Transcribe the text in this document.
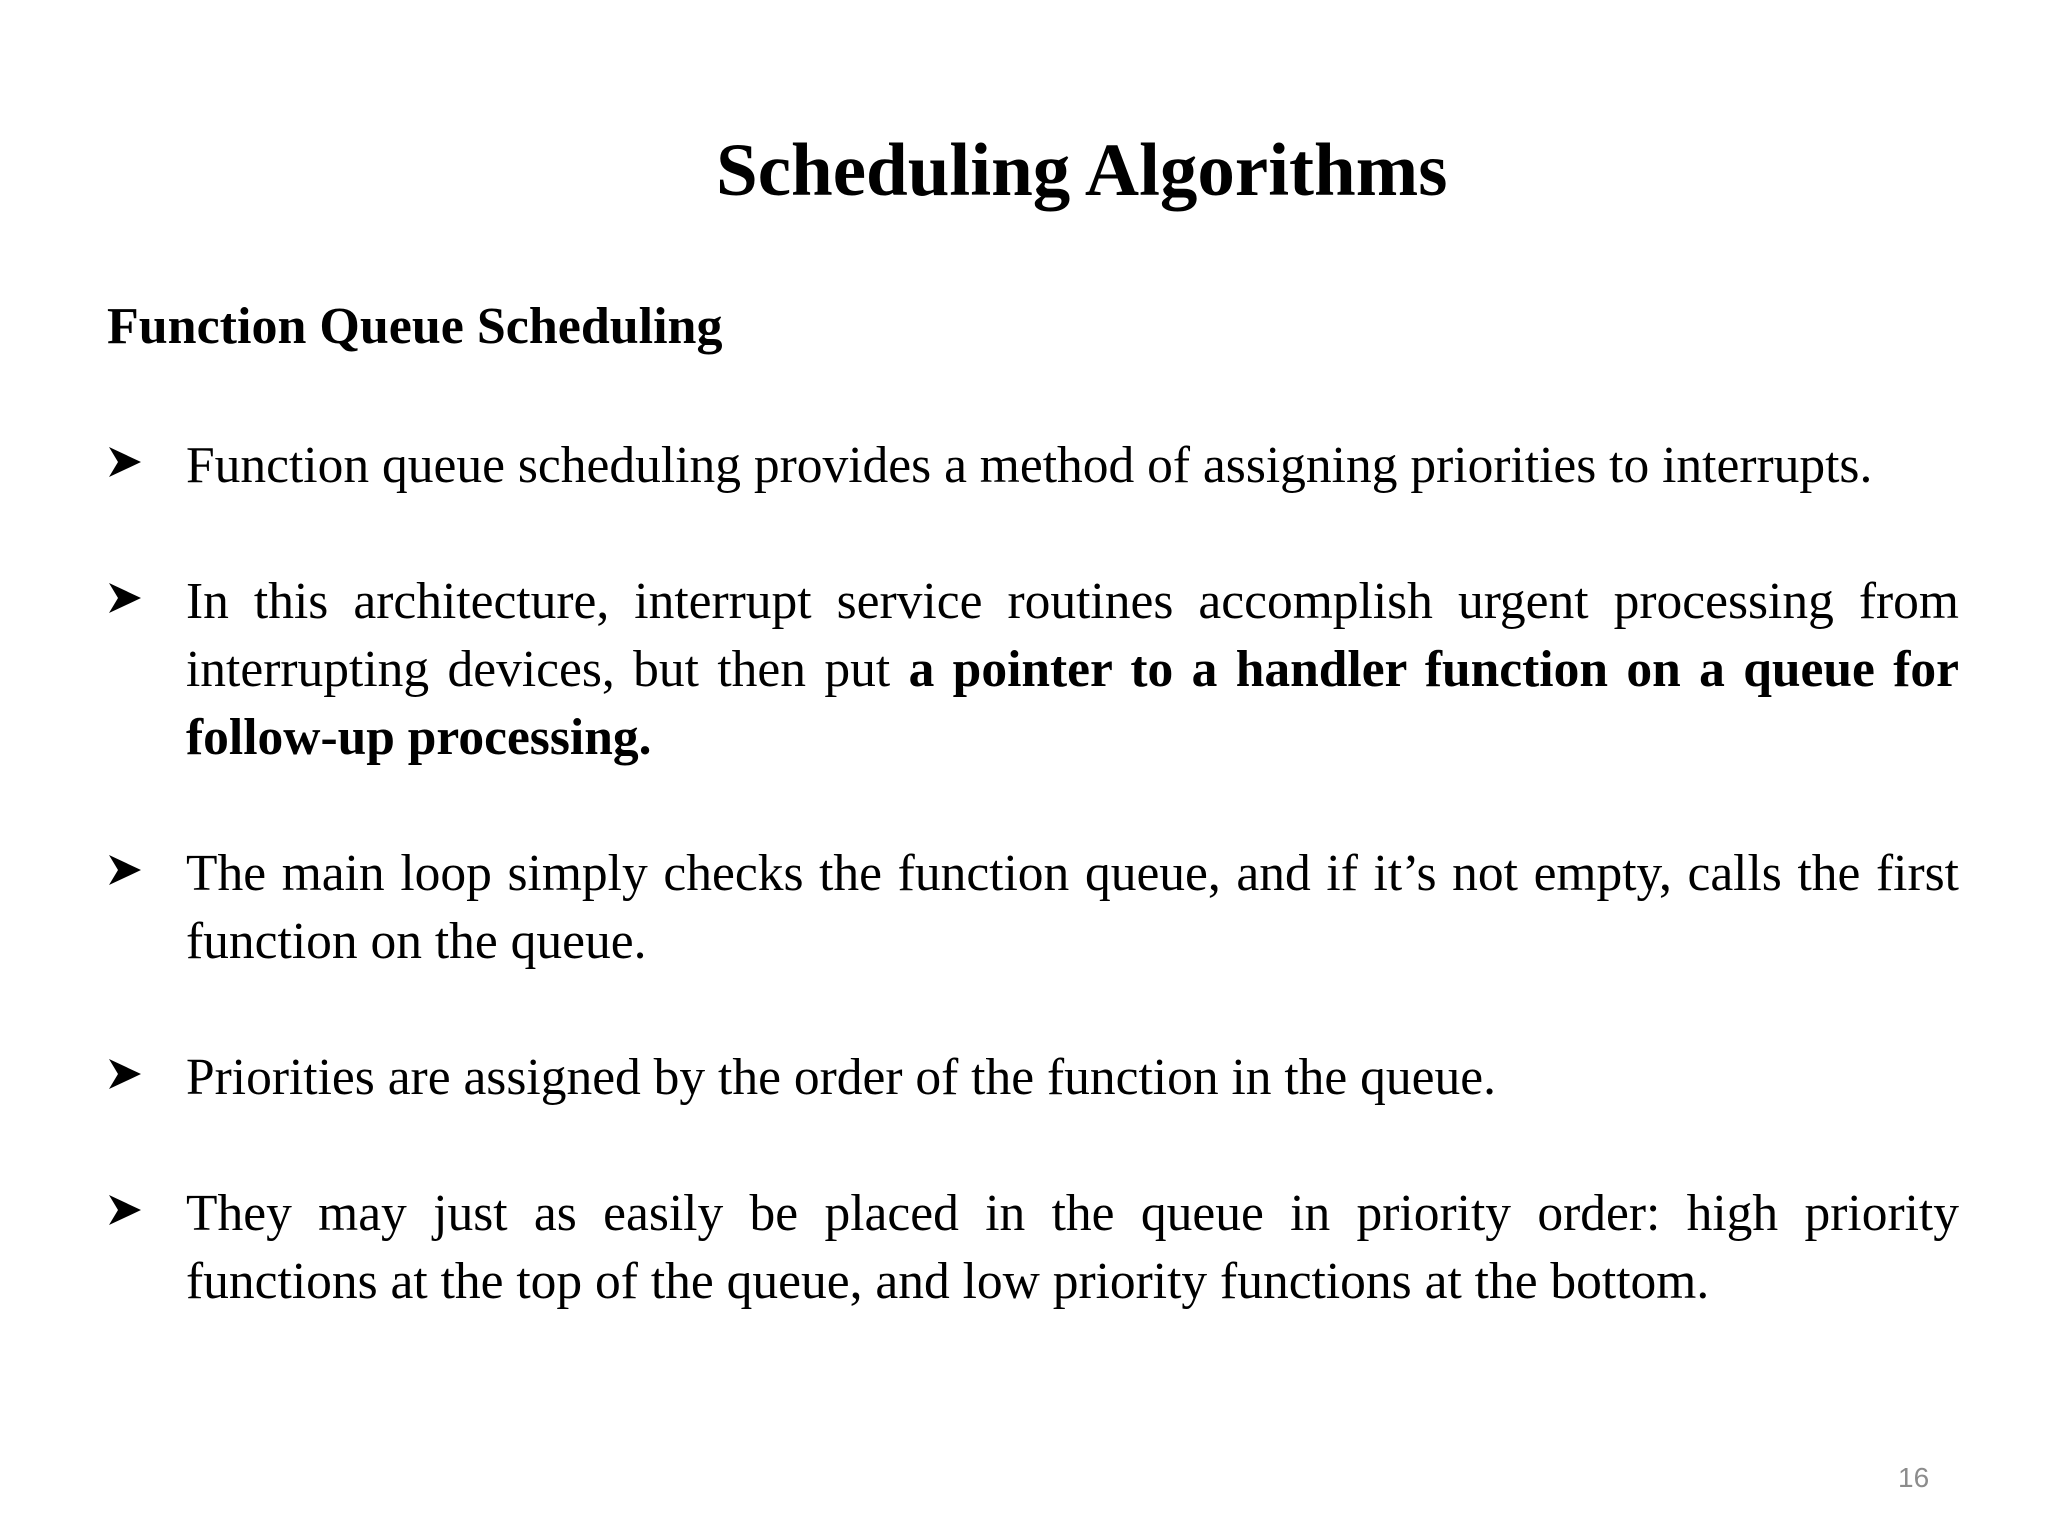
Scheduling Algorithms
Function Queue Scheduling
Function queue scheduling provides a method of assigning priorities to interrupts.
In this architecture, interrupt service routines accomplish urgent processing from interrupting devices, but then put a pointer to a handler function on a queue for follow-up processing.
The main loop simply checks the function queue, and if it’s not empty, calls the first function on the queue.
Priorities are assigned by the order of the function in the queue.
They may just as easily be placed in the queue in priority order: high priority functions at the top of the queue, and low priority functions at the bottom.

16
